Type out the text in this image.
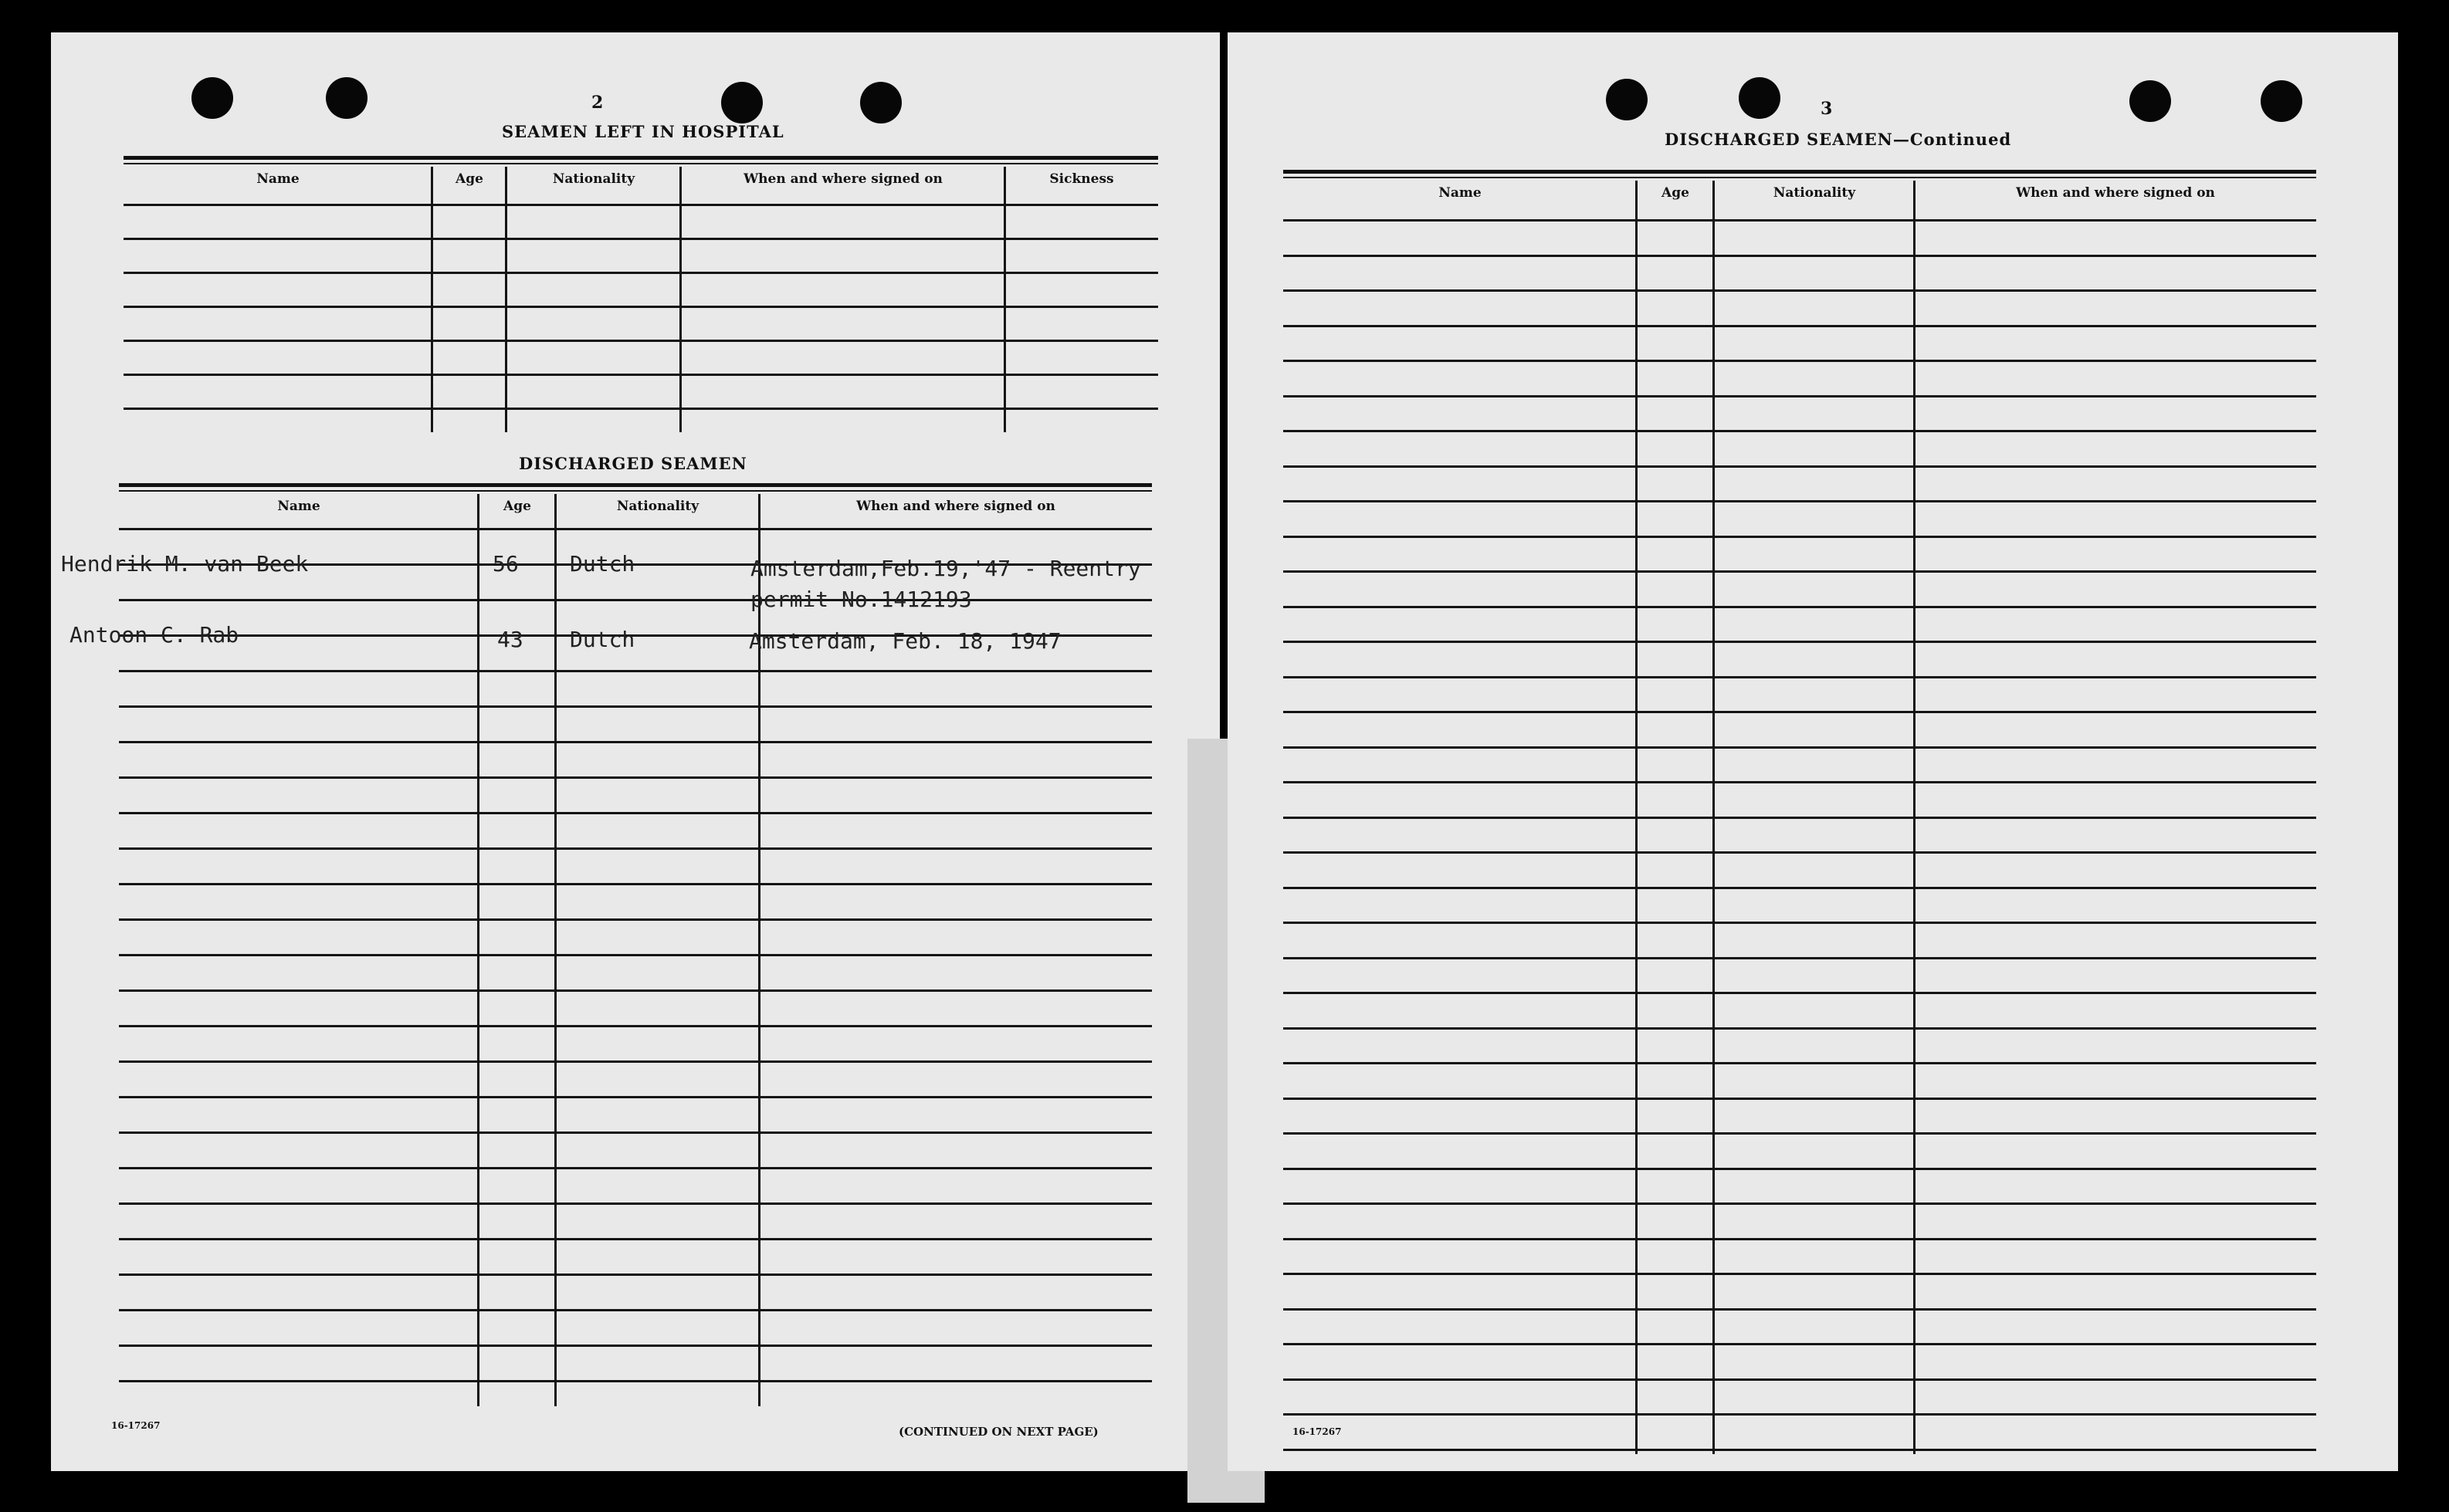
2
SEAMEN LEFT IN HOSPITAL
Name	Age	Nationality	When and where signed on	Sickness
DISCHARGED SEAMEN
Name	Age	Nationality	When and where signed on
Hendrik M. van Beek	56 Dutch	Amsterdam,Feb.19,'47 - Reentry
permit No.1412193
Antoon C. Rab	43 Dutch	Amsterdam, Feb. 18, 1947
16-17267	(CONTINUED ON NEXT PAGE)
3
DISCHARGED SEAMEN—Continued
Name	Age	Nationality	When and where signed on
16-17267
